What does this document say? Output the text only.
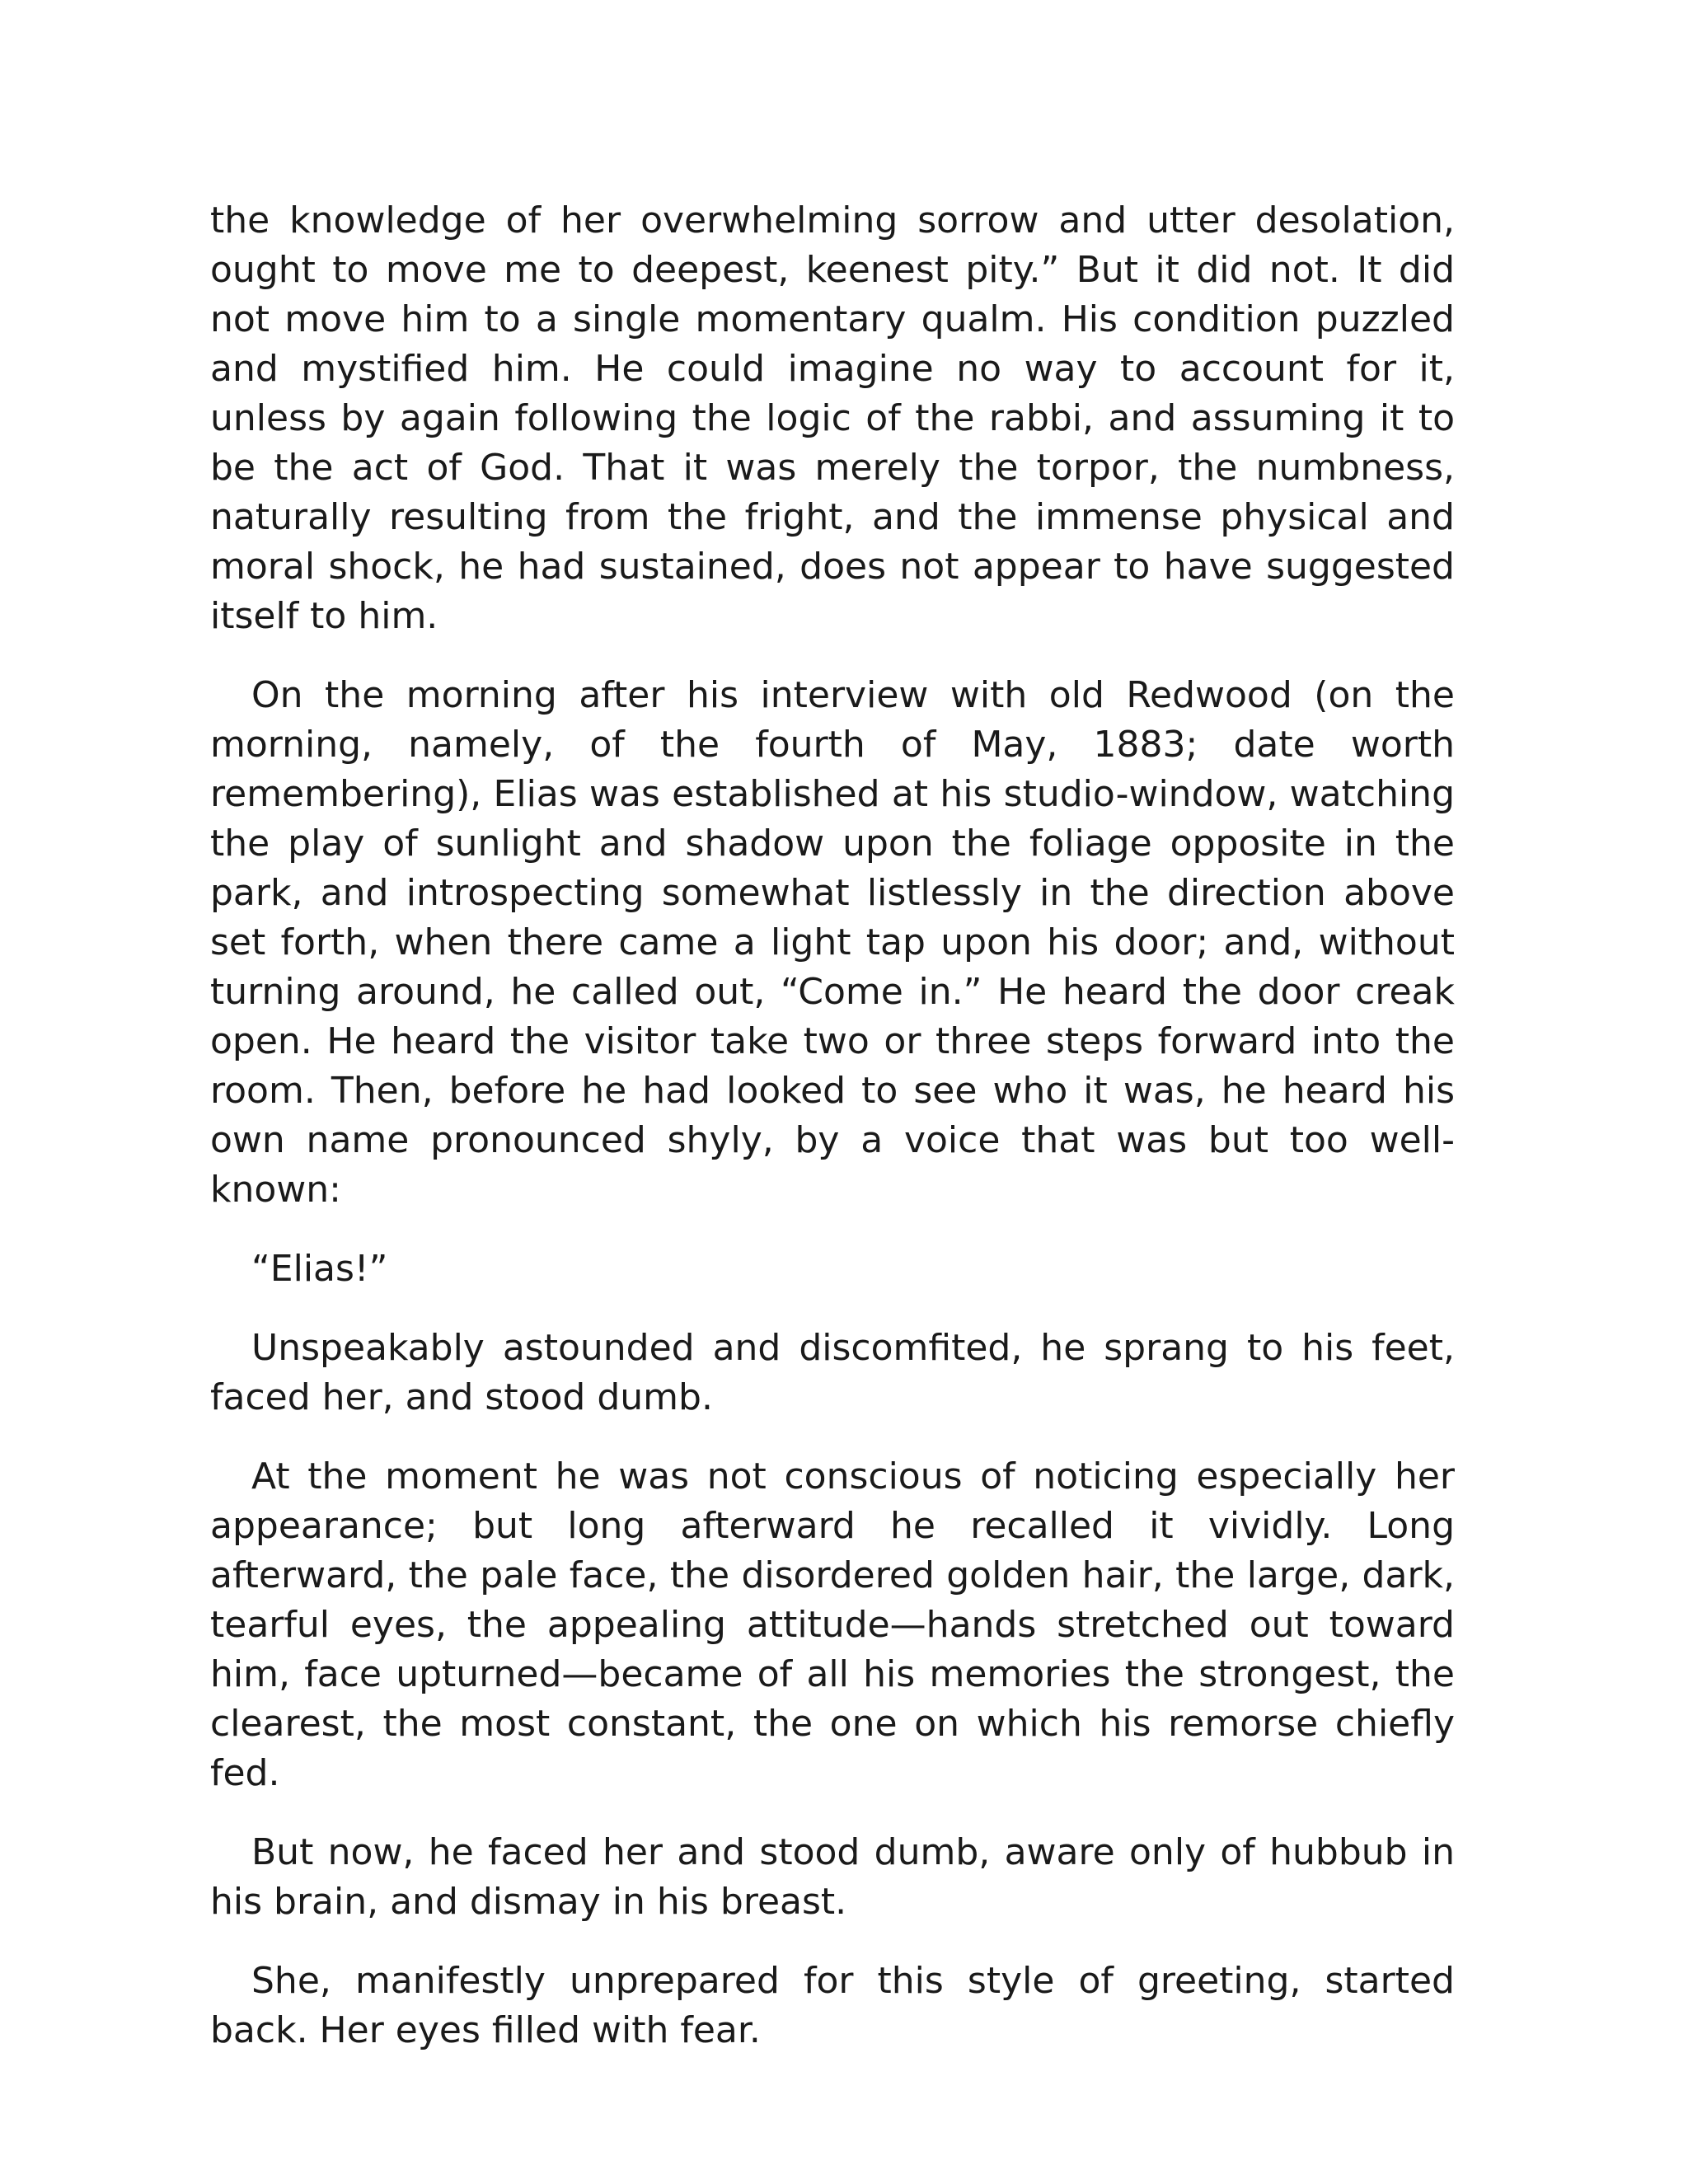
the knowledge of her overwhelming sorrow and utter desolation, ought to move me to deepest, keenest pity.” But it did not. It did not move him to a single momentary qualm. His condition puzzled and mystified him. He could imagine no way to account for it, unless by again following the logic of the rabbi, and assuming it to be the act of God. That it was merely the torpor, the numbness, naturally resulting from the fright, and the immense physical and moral shock, he had sustained, does not appear to have suggested itself to him.

On the morning after his interview with old Redwood (on the morning, namely, of the fourth of May, 1883; date worth remembering), Elias was established at his studio-window, watching the play of sunlight and shadow upon the foliage opposite in the park, and introspecting somewhat listlessly in the direction above set forth, when there came a light tap upon his door; and, without turning around, he called out, “Come in.” He heard the door creak open. He heard the visitor take two or three steps forward into the room. Then, before he had looked to see who it was, he heard his own name pronounced shyly, by a voice that was but too well-known:

“Elias!”

Unspeakably astounded and discomfited, he sprang to his feet, faced her, and stood dumb.

At the moment he was not conscious of noticing especially her appearance; but long afterward he recalled it vividly. Long afterward, the pale face, the disordered golden hair, the large, dark, tearful eyes, the appealing attitude—hands stretched out toward him, face upturned—became of all his memories the strongest, the clearest, the most constant, the one on which his remorse chiefly fed.

But now, he faced her and stood dumb, aware only of hubbub in his brain, and dismay in his breast.

She, manifestly unprepared for this style of greeting, started back. Her eyes filled with fear.
